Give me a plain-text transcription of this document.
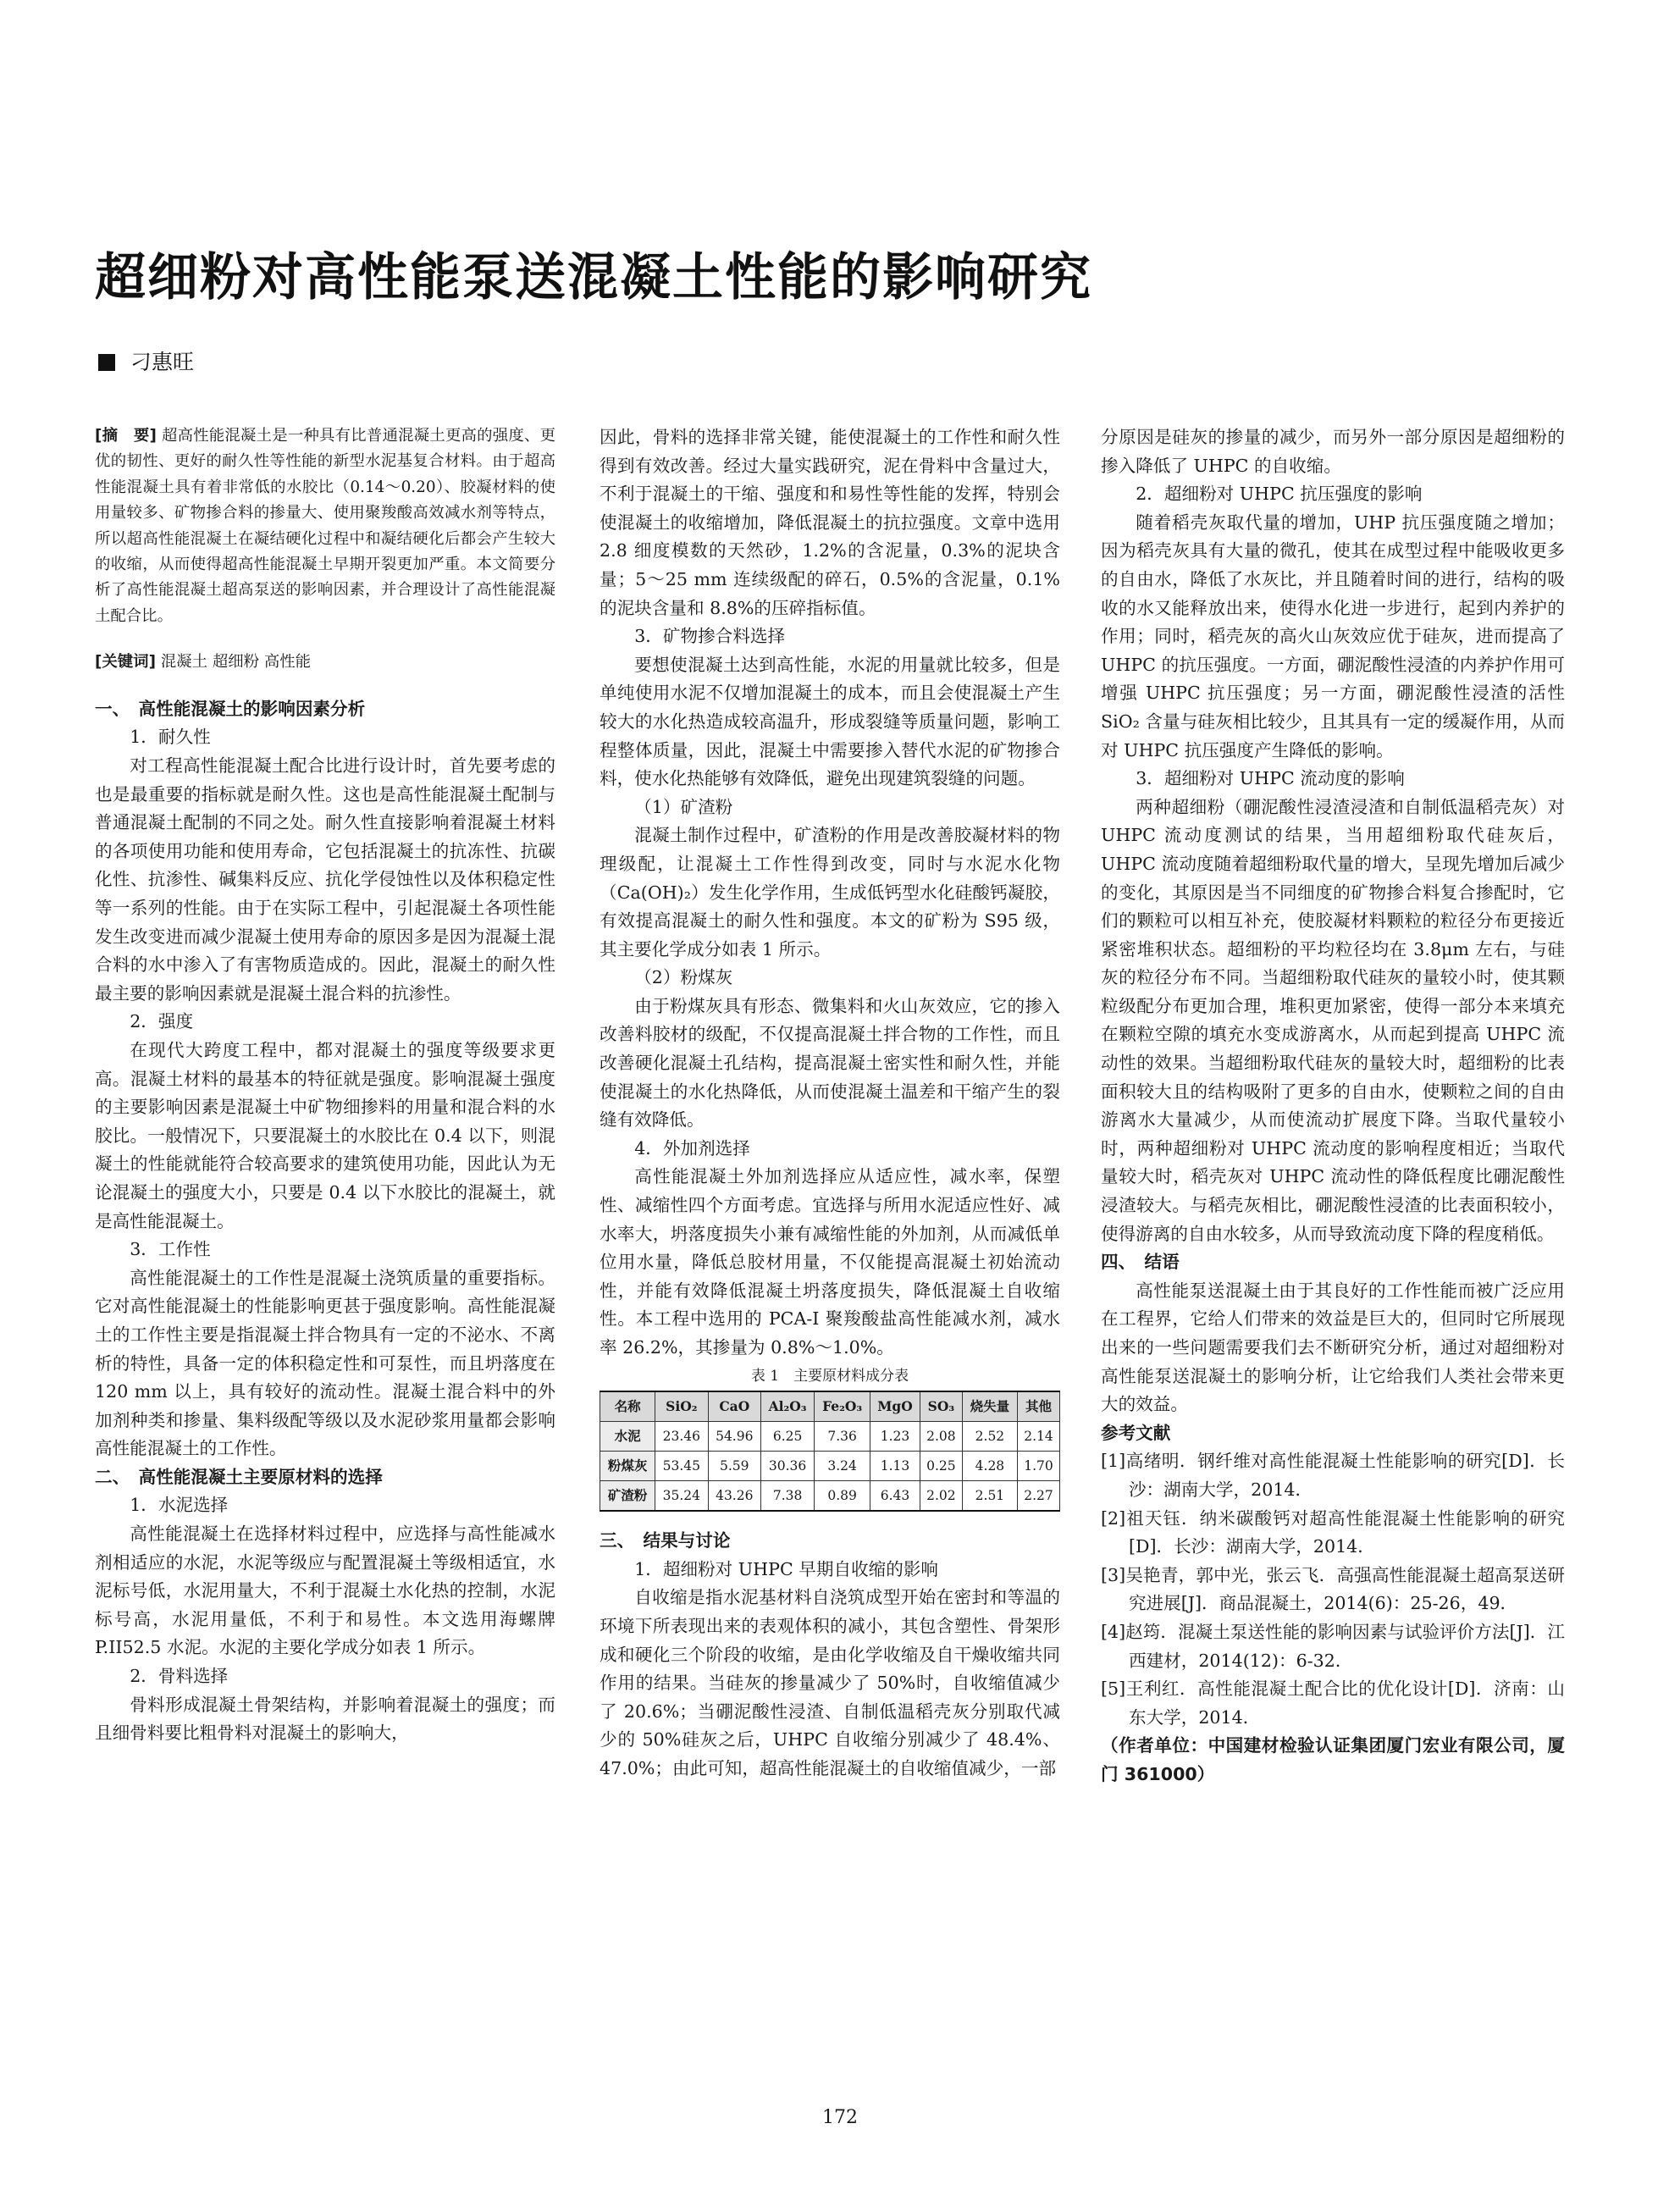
超细粉对高性能泵送混凝土性能的影响研究
刁惠旺

[摘　要] 超高性能混凝土是一种具有比普通混凝土更高的强度、更优的韧性、更好的耐久性等性能的新型水泥基复合材料。由于超高性能混凝土具有着非常低的水胶比（0.14～0.20）、胶凝材料的使用量较多、矿物掺合料的掺量大、使用聚羧酸高效减水剂等特点，所以超高性能混凝土在凝结硬化过程中和凝结硬化后都会产生较大的收缩，从而使得超高性能混凝土早期开裂更加严重。本文简要分析了高性能混凝土超高泵送的影响因素，并合理设计了高性能混凝土配合比。

[关键词] 混凝土 超细粉 高性能

一、　高性能混凝土的影响因素分析

1．耐久性

对工程高性能混凝土配合比进行设计时，首先要考虑的也是最重要的指标就是耐久性。这也是高性能混凝土配制与普通混凝土配制的不同之处。耐久性直接影响着混凝土材料的各项使用功能和使用寿命，它包括混凝土的抗冻性、抗碳化性、抗渗性、碱集料反应、抗化学侵蚀性以及体积稳定性等一系列的性能。由于在实际工程中，引起混凝土各项性能发生改变进而减少混凝土使用寿命的原因多是因为混凝土混合料的水中渗入了有害物质造成的。因此，混凝土的耐久性最主要的影响因素就是混凝土混合料的抗渗性。

2．强度

在现代大跨度工程中，都对混凝土的强度等级要求更高。混凝土材料的最基本的特征就是强度。影响混凝土强度的主要影响因素是混凝土中矿物细掺料的用量和混合料的水胶比。一般情况下，只要混凝土的水胶比在 0.4 以下，则混凝土的性能就能符合较高要求的建筑使用功能，因此认为无论混凝土的强度大小，只要是 0.4 以下水胶比的混凝土，就是高性能混凝土。

3．工作性

高性能混凝土的工作性是混凝土浇筑质量的重要指标。它对高性能混凝土的性能影响更甚于强度影响。高性能混凝土的工作性主要是指混凝土拌合物具有一定的不泌水、不离析的特性，具备一定的体积稳定性和可泵性，而且坍落度在 120 mm 以上，具有较好的流动性。混凝土混合料中的外加剂种类和掺量、集料级配等级以及水泥砂浆用量都会影响高性能混凝土的工作性。

二、　高性能混凝土主要原材料的选择

1．水泥选择

高性能混凝土在选择材料过程中，应选择与高性能减水剂相适应的水泥，水泥等级应与配置混凝土等级相适宜，水泥标号低，水泥用量大，不利于混凝土水化热的控制，水泥标号高，水泥用量低，不利于和易性。本文选用海螺牌 P.II52.5 水泥。水泥的主要化学成分如表 1 所示。

2．骨料选择

骨料形成混凝土骨架结构，并影响着混凝土的强度；而且细骨料要比粗骨料对混凝土的影响大，

因此，骨料的选择非常关键，能使混凝土的工作性和耐久性得到有效改善。经过大量实践研究，泥在骨料中含量过大，不利于混凝土的干缩、强度和和易性等性能的发挥，特别会使混凝土的收缩增加，降低混凝土的抗拉强度。文章中选用 2.8 细度模数的天然砂，1.2%的含泥量，0.3%的泥块含量；5～25 mm 连续级配的碎石，0.5%的含泥量，0.1%的泥块含量和 8.8%的压碎指标值。

3．矿物掺合料选择

要想使混凝土达到高性能，水泥的用量就比较多，但是单纯使用水泥不仅增加混凝土的成本，而且会使混凝土产生较大的水化热造成较高温升，形成裂缝等质量问题，影响工程整体质量，因此，混凝土中需要掺入替代水泥的矿物掺合料，使水化热能够有效降低，避免出现建筑裂缝的问题。

（1）矿渣粉

混凝土制作过程中，矿渣粉的作用是改善胶凝材料的物理级配，让混凝土工作性得到改变，同时与水泥水化物（Ca(OH)₂）发生化学作用，生成低钙型水化硅酸钙凝胶，有效提高混凝土的耐久性和强度。本文的矿粉为 S95 级，其主要化学成分如表 1 所示。

（2）粉煤灰

由于粉煤灰具有形态、微集料和火山灰效应，它的掺入改善料胶材的级配，不仅提高混凝土拌合物的工作性，而且改善硬化混凝土孔结构，提高混凝土密实性和耐久性，并能使混凝土的水化热降低，从而使混凝土温差和干缩产生的裂缝有效降低。

4．外加剂选择

高性能混凝土外加剂选择应从适应性，减水率，保塑性、减缩性四个方面考虑。宜选择与所用水泥适应性好、减水率大，坍落度损失小兼有减缩性能的外加剂，从而减低单位用水量，降低总胶材用量，不仅能提高混凝土初始流动性，并能有效降低混凝土坍落度损失，降低混凝土自收缩性。本工程中选用的 PCA-I 聚羧酸盐高性能减水剂，减水率 26.2%，其掺量为 0.8%～1.0%。

表 1　主要原材料成分表

名称	SiO₂	CaO	Al₂O₃	Fe₂O₃	MgO	SO₃	烧失量	其他
水泥	23.46	54.96	6.25	7.36	1.23	2.08	2.52	2.14
粉煤灰	53.45	5.59	30.36	3.24	1.13	0.25	4.28	1.70
矿渣粉	35.24	43.26	7.38	0.89	6.43	2.02	2.51	2.27
三、　结果与讨论

1．超细粉对 UHPC 早期自收缩的影响

自收缩是指水泥基材料自浇筑成型开始在密封和等温的环境下所表现出来的表观体积的减小，其包含塑性、骨架形成和硬化三个阶段的收缩，是由化学收缩及自干燥收缩共同作用的结果。当硅灰的掺量减少了 50%时，自收缩值减少了 20.6%；当硼泥酸性浸渣、自制低温稻壳灰分别取代减少的 50%硅灰之后，UHPC 自收缩分别减少了 48.4%、47.0%；由此可知，超高性能混凝土的自收缩值减少，一部

分原因是硅灰的掺量的减少，而另外一部分原因是超细粉的掺入降低了 UHPC 的自收缩。

2．超细粉对 UHPC 抗压强度的影响

随着稻壳灰取代量的增加，UHP 抗压强度随之增加；因为稻壳灰具有大量的微孔，使其在成型过程中能吸收更多的自由水，降低了水灰比，并且随着时间的进行，结构的吸收的水又能释放出来，使得水化进一步进行，起到内养护的作用；同时，稻壳灰的高火山灰效应优于硅灰，进而提高了 UHPC 的抗压强度。一方面，硼泥酸性浸渣的内养护作用可增强 UHPC 抗压强度；另一方面，硼泥酸性浸渣的活性 SiO₂ 含量与硅灰相比较少，且其具有一定的缓凝作用，从而对 UHPC 抗压强度产生降低的影响。

3．超细粉对 UHPC 流动度的影响

两种超细粉（硼泥酸性浸渣浸渣和自制低温稻壳灰）对 UHPC 流动度测试的结果，当用超细粉取代硅灰后，UHPC 流动度随着超细粉取代量的增大，呈现先增加后减少的变化，其原因是当不同细度的矿物掺合料复合掺配时，它们的颗粒可以相互补充，使胶凝材料颗粒的粒径分布更接近紧密堆积状态。超细粉的平均粒径均在 3.8μm 左右，与硅灰的粒径分布不同。当超细粉取代硅灰的量较小时，使其颗粒级配分布更加合理，堆积更加紧密，使得一部分本来填充在颗粒空隙的填充水变成游离水，从而起到提高 UHPC 流动性的效果。当超细粉取代硅灰的量较大时，超细粉的比表面积较大且的结构吸附了更多的自由水，使颗粒之间的自由游离水大量减少，从而使流动扩展度下降。当取代量较小时，两种超细粉对 UHPC 流动度的影响程度相近；当取代量较大时，稻壳灰对 UHPC 流动性的降低程度比硼泥酸性浸渣较大。与稻壳灰相比，硼泥酸性浸渣的比表面积较小，使得游离的自由水较多，从而导致流动度下降的程度稍低。

四、　结语

高性能泵送混凝土由于其良好的工作性能而被广泛应用在工程界，它给人们带来的效益是巨大的，但同时它所展现出来的一些问题需要我们去不断研究分析，通过对超细粉对高性能泵送混凝土的影响分析，让它给我们人类社会带来更大的效益。

参考文献

[1]高绪明．钢纤维对高性能混凝土性能影响的研究[D]．长沙：湖南大学，2014．

[2]祖天钰．纳米碳酸钙对超高性能混凝土性能影响的研究[D]．长沙：湖南大学，2014．

[3]吴艳青，郭中光，张云飞．高强高性能混凝土超高泵送研究进展[J]．商品混凝土，2014(6)：25-26，49．

[4]赵筠．混凝土泵送性能的影响因素与试验评价方法[J]．江西建材，2014(12)：6-32．

[5]王利红．高性能混凝土配合比的优化设计[D]．济南：山东大学，2014．

（作者单位：中国建材检验认证集团厦门宏业有限公司，厦门 361000）

172
